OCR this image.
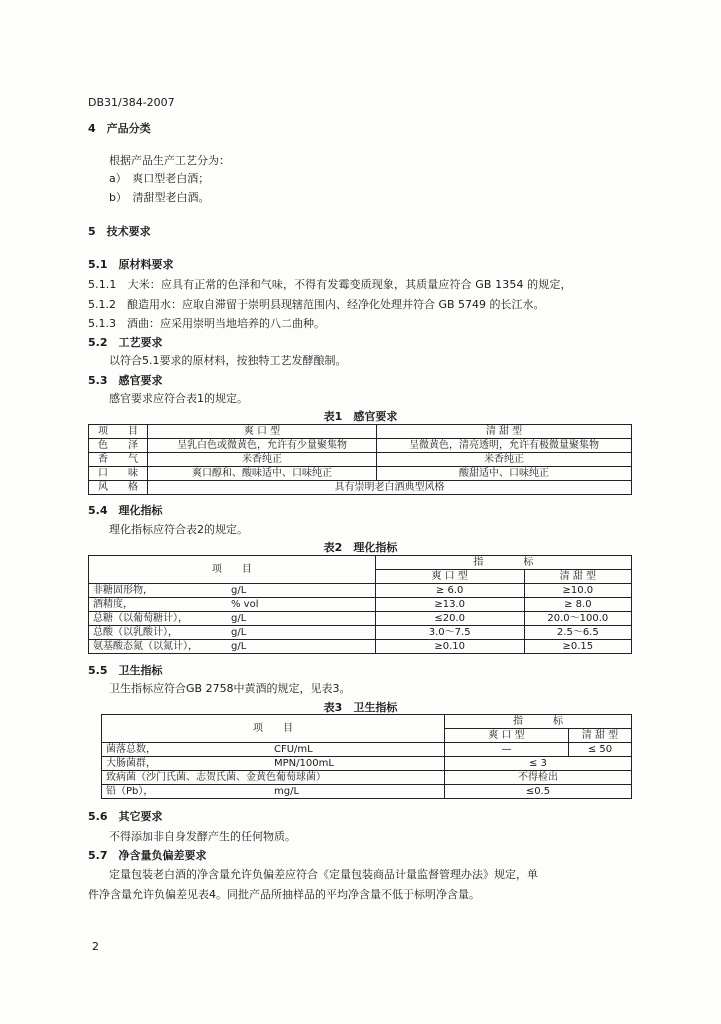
DB31/384-2007
4　产品分类
根据产品生产工艺分为：
a）　爽口型老白酒；
b）　清甜型老白酒。
5　技术要求
5.1　原材料要求
5.1.1　大米：应具有正常的色泽和气味，不得有发霉变质现象，其质量应符合 GB 1354 的规定，
5.1.2　酿造用水：应取自滞留于崇明县现辖范围内、经净化处理并符合 GB 5749 的长江水。
5.1.3　酒曲：应采用崇明当地培养的八二曲种。
5.2　工艺要求
以符合5.1要求的原材料，按独特工艺发酵酿制。
5.3　感官要求
感官要求应符合表1的规定。
表1　感官要求
项　　目	爽 口 型	清 甜 型
色　　泽	呈乳白色或微黄色，允许有少量聚集物	呈微黄色，清亮透明，允许有极微量聚集物
香　　气	米香纯正	米香纯正
口　　味	爽口醇和、酸味适中、口味纯正	酸甜适中、口味纯正
风　　格	具有崇明老白酒典型风格	
5.4　理化指标
理化指标应符合表2的规定。
表2　理化指标
项　　目		指　　　　标	
		爽 口 型	清 甜 型
非糖固形物，	g/L	≥ 6.0	≥10.0
酒精度，	% vol	≥13.0	≥ 8.0
总糖（以葡萄糖计），	g/L	≤20.0	20.0～100.0
总酸（以乳酸计），	g/L	3.0～7.5	2.5～6.5
氨基酸态氮（以氮计），	g/L	≥0.10	≥0.15
5.5　卫生指标
卫生指标应符合GB 2758中黄酒的规定，见表3。
表3　卫生指标
项　　目		指　　　标	
		爽 口 型	清 甜 型
菌落总数，	CFU/mL	—	≤ 50
大肠菌群，	MPN/100mL	≤ 3	
致病菌（沙门氏菌、志贺氏菌、金黄色葡萄球菌）		不得检出	
铅（Pb），	mg/L	≤0.5	
5.6　其它要求
不得添加非自身发酵产生的任何物质。
5.7　净含量负偏差要求
定量包装老白酒的净含量允许负偏差应符合《定量包装商品计量监督管理办法》规定，单
件净含量允许负偏差见表4。同批产品所抽样品的平均净含量不低于标明净含量。
2
